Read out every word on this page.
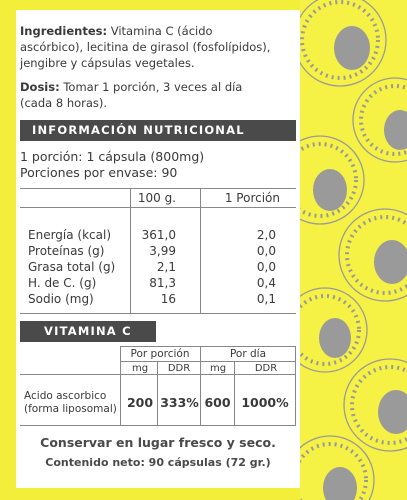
Ingredientes: Vitamina C (ácido
ascórbico), lecitina de girasol (fosfolípidos),
jengibre y cápsulas vegetales.
Dosis: Tomar 1 porción, 3 veces al día
(cada 8 horas).
INFORMACIÓN NUTRICIONAL
1 porción: 1 cápsula (800mg)
Porciones por envase: 90
100 g.	1 Porción
Energía (kcal)	361,0	2,0
Proteínas (g)	3,99	0,0
Grasa total (g)	2,1	0,0
H. de C. (g)	81,3	0,4
Sodio (mg)	16	0,1
VITAMINA C
Por porción	Por día
mg	DDR	mg	DDR
Acido ascorbico
(forma liposomal) 200 333% 600 1000%
Conservar en lugar fresco y seco.
Contenido neto: 90 cápsulas (72 gr.)
